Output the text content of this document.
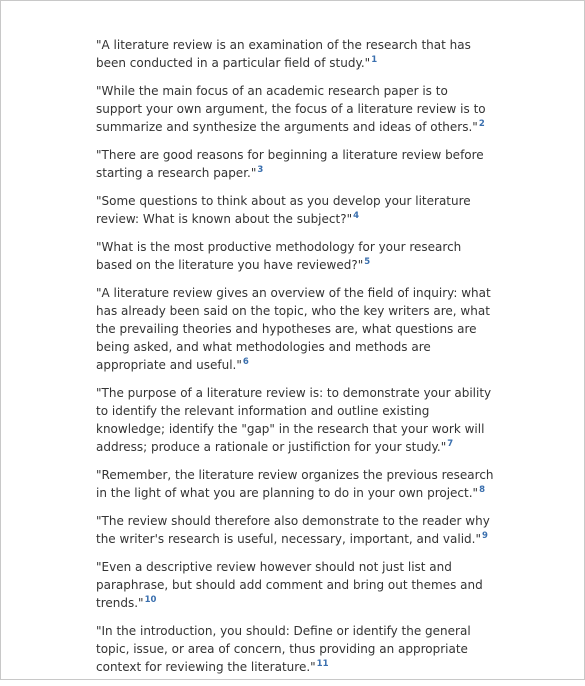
"A literature review is an examination of the research that has been conducted in a particular field of study."$^1$

"While the main focus of an academic research paper is to support your own argument, the focus of a literature review is to summarize and synthesize the arguments and ideas of others."$^2$

"There are good reasons for beginning a literature review before starting a research paper."$^3$

"Some questions to think about as you develop your literature review: What is known about the subject?"$^4$

"What is the most productive methodology for your research based on the literature you have reviewed?"$^5$

"A literature review gives an overview of the field of inquiry: what has already been said on the topic, who the key writers are, what the prevailing theories and hypotheses are, what questions are being asked, and what methodologies and methods are appropriate and useful."$^6$

"The purpose of a literature review is: to demonstrate your ability to identify the relevant information and outline existing knowledge; identify the "gap" in the research that your work will address; produce a rationale or justifiction for your study."$^7$

"Remember, the literature review organizes the previous research in the light of what you are planning to do in your own project."$^8$

"The review should therefore also demonstrate to the reader why the writer's research is useful, necessary, important, and valid."$^9$

"Even a descriptive review however should not just list and paraphrase, but should add comment and bring out themes and trends."$^{10}$

"In the introduction, you should: Define or identify the general topic, issue, or area of concern, thus providing an appropriate context for reviewing the literature."$^{11}$
